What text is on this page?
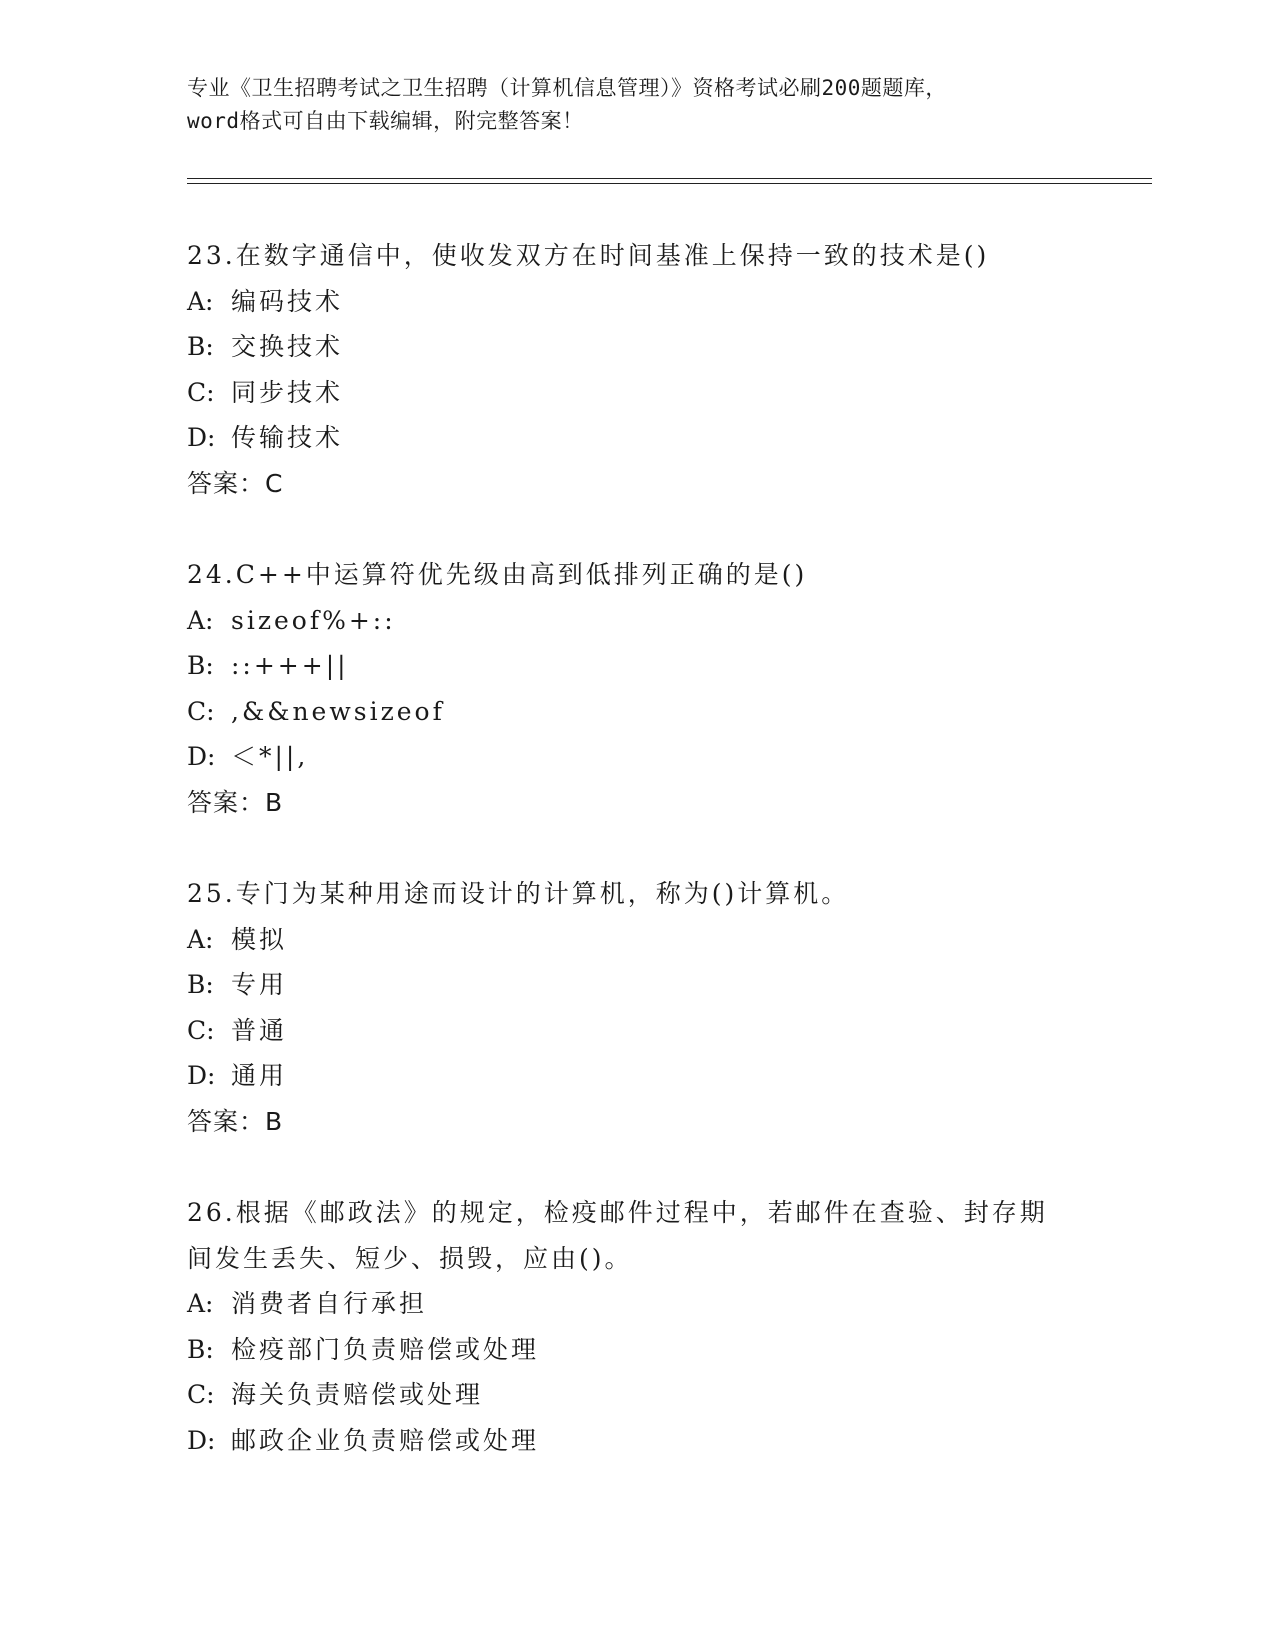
专业《卫生招聘考试之卫生招聘（计算机信息管理）》资格考试必刷200题题库，
word格式可自由下载编辑，附完整答案！
23.在数字通信中，使收发双方在时间基准上保持一致的技术是()
A: 编码技术
B: 交换技术
C: 同步技术
D: 传输技术
答案：C
24.C++中运算符优先级由高到低排列正确的是()
A: sizeof%+::
B: ::+++||
C: ,&&newsizeof
D: ＜*||,
答案：B
25.专门为某种用途而设计的计算机，称为()计算机。
A: 模拟
B: 专用
C: 普通
D: 通用
答案：B
26.根据《邮政法》的规定，检疫邮件过程中，若邮件在查验、封存期
间发生丢失、短少、损毁，应由()。
A: 消费者自行承担
B: 检疫部门负责赔偿或处理
C: 海关负责赔偿或处理
D: 邮政企业负责赔偿或处理
